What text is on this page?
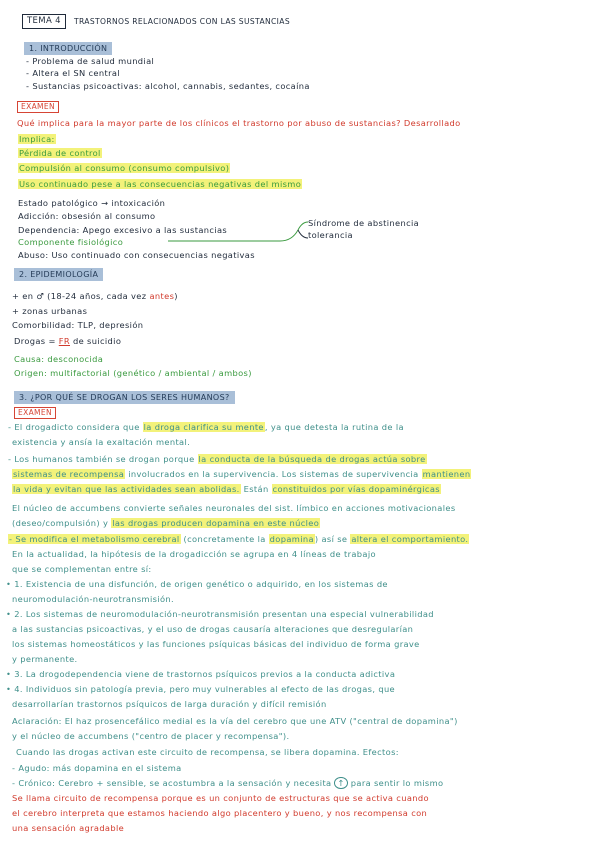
TEMA 4	TRASTORNOS RELACIONADOS CON LAS SUSTANCIAS
1. INTRODUCCIÓN
- Problema de salud mundial
- Altera el SN central
- Sustancias psicoactivas: alcohol, cannabis, sedantes, cocaína
EXAMEN
Qué implica para la mayor parte de los clínicos el trastorno por abuso de sustancias? Desarrollado
Implica:
Pérdida de control
Compulsión al consumo (consumo compulsivo)
Uso continuado pese a las consecuencias negativas del mismo
Estado patológico → intoxicación
Adicción: obsesión al consumo
Dependencia: Apego excesivo a las sustancias
Componente fisiológico
Síndrome de abstinencia
tolerancia
Abuso: Uso continuado con consecuencias negativas
2. EPIDEMIOLOGÍA
+ en ♂ (18-24 años, cada vez antes)
+ zonas urbanas
Comorbilidad: TLP, depresión
Drogas = FR de suicidio
Causa: desconocida
Origen: multifactorial (genético / ambiental / ambos)
3. ¿POR QUÉ SE DROGAN LOS SERES HUMANOS?
EXAMEN
- El drogadicto considera que la droga clarifica su mente, ya que detesta la rutina de la
existencia y ansía la exaltación mental.
- Los humanos también se drogan porque la conducta de la búsqueda de drogas actúa sobre
sistemas de recompensa involucrados en la supervivencia. Los sistemas de supervivencia mantienen
la vida y evitan que las actividades sean abolidas. Están constituidos por vías dopaminérgicas
El núcleo de accumbens convierte señales neuronales del sist. límbico en acciones motivacionales
(deseo/compulsión) y las drogas producen dopamina en este núcleo
- Se modifica el metabolismo cerebral (concretamente la dopamina) así se altera el comportamiento.
En la actualidad, la hipótesis de la drogadicción se agrupa en 4 líneas de trabajo
que se complementan entre sí:
• 1. Existencia de una disfunción, de origen genético o adquirido, en los sistemas de
neuromodulación-neurotransmisión.
• 2. Los sistemas de neuromodulación-neurotransmisión presentan una especial vulnerabilidad
a las sustancias psicoactivas, y el uso de drogas causaría alteraciones que desregularían
los sistemas homeostáticos y las funciones psíquicas básicas del individuo de forma grave
y permanente.
• 3. La drogodependencia viene de trastornos psíquicos previos a la conducta adictiva
• 4. Individuos sin patología previa, pero muy vulnerables al efecto de las drogas, que
desarrollarían trastornos psíquicos de larga duración y difícil remisión
Aclaración: El haz prosencefálico medial es la vía del cerebro que une ATV ("central de dopamina")
y el núcleo de accumbens ("centro de placer y recompensa").
Cuando las drogas activan este circuito de recompensa, se libera dopamina. Efectos:
- Agudo: más dopamina en el sistema
- Crónico: Cerebro + sensible, se acostumbra a la sensación y necesita ↑ para sentir lo mismo
Se llama circuito de recompensa porque es un conjunto de estructuras que se activa cuando
el cerebro interpreta que estamos haciendo algo placentero y bueno, y nos recompensa con
una sensación agradable
